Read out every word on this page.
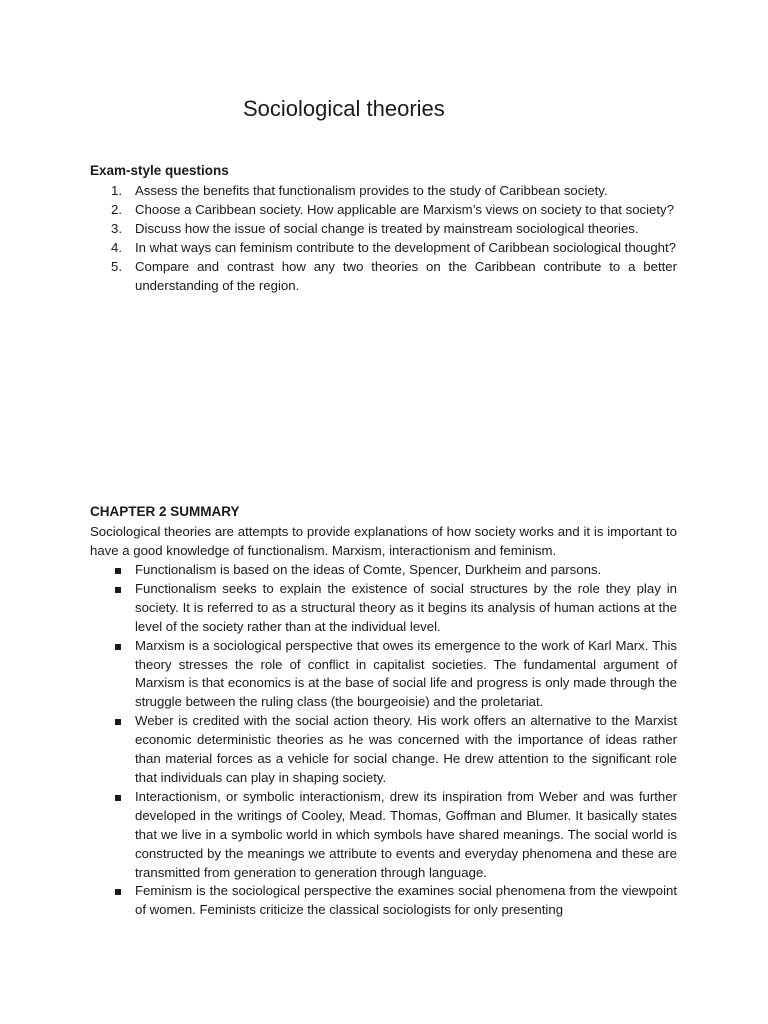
Sociological theories
Exam-style questions
1. Assess the benefits that functionalism provides to the study of Caribbean society.
2. Choose a Caribbean society. How applicable are Marxism’s views on society to that society?
3. Discuss how the issue of social change is treated by mainstream sociological theories.
4. In what ways can feminism contribute to the development of Caribbean sociological thought?
5. Compare and contrast how any two theories on the Caribbean contribute to a better understanding of the region.
CHAPTER 2 SUMMARY

Sociological theories are attempts to provide explanations of how society works and it is important to have a good knowledge of functionalism. Marxism, interactionism and feminism.

Functionalism is based on the ideas of Comte, Spencer, Durkheim and parsons.
Functionalism seeks to explain the existence of social structures by the role they play in society. It is referred to as a structural theory as it begins its analysis of human actions at the level of the society rather than at the individual level.
Marxism is a sociological perspective that owes its emergence to the work of Karl Marx. This theory stresses the role of conflict in capitalist societies. The fundamental argument of Marxism is that economics is at the base of social life and progress is only made through the struggle between the ruling class (the bourgeoisie) and the proletariat.
Weber is credited with the social action theory. His work offers an alternative to the Marxist economic deterministic theories as he was concerned with the importance of ideas rather than material forces as a vehicle for social change. He drew attention to the significant role that individuals can play in shaping society.
Interactionism, or symbolic interactionism, drew its inspiration from Weber and was further developed in the writings of Cooley, Mead. Thomas, Goffman and Blumer. It basically states that we live in a symbolic world in which symbols have shared meanings. The social world is constructed by the meanings we attribute to events and everyday phenomena and these are transmitted from generation to generation through language.
Feminism is the sociological perspective the examines social phenomena from the viewpoint of women. Feminists criticize the classical sociologists for only presenting
